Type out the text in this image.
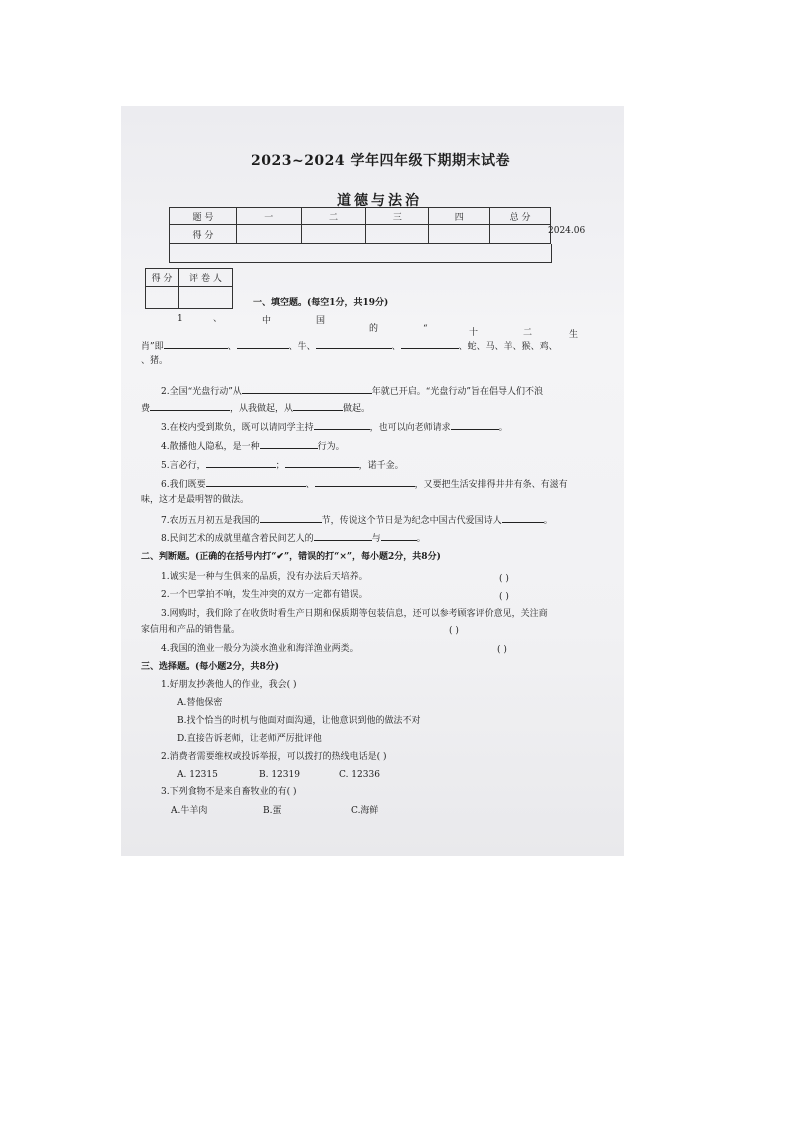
2023~2024 学年四年级下期期末试卷
道德与法治
2024.06
题 号	一	二	三	四	总 分
得 分					
得 分	评 卷 人

一、填空题。(每空1分，共19分)
1	、	中	国
的	“	十	二	生
肖”即	、	、牛、	、	、蛇、马、羊、猴、鸡、
、猪。
2.全国“光盘行动”从	年就已开启。“光盘行动”旨在倡导人们不浪
费	，从我做起，从	做起。
3.在校内受到欺负，既可以请同学主持	，也可以向老师请求	。
4.散播他人隐私，是一种	行为。
5.言必行，	；	，诺千金。
6.我们既要	、	，又要把生活安排得井井有条、有滋有
味，这才是最明智的做法。
7.农历五月初五是我国的	节，传说这个节日是为纪念中国古代爱国诗人	。
8.民间艺术的成就里蕴含着民间艺人的	与	。
二、判断题。(正确的在括号内打“✔”，错误的打“×”，每小题2分，共8分)
1.诚实是一种与生俱来的品质，没有办法后天培养。	( )
2.一个巴掌拍不响，发生冲突的双方一定都有错误。	( )
3.网购时，我们除了在收货时看生产日期和保质期等包装信息，还可以参考顾客评价意见，关注商
家信用和产品的销售量。	( )
4.我国的渔业一般分为淡水渔业和海洋渔业两类。	( )
三、选择题。(每小题2分，共8分)
1.好朋友抄袭他人的作业，我会( )
A.替他保密
B.找个恰当的时机与他面对面沟通，让他意识到他的做法不对
D.直接告诉老师，让老师严厉批评他
2.消费者需要维权或投诉举报，可以拨打的热线电话是( )
A. 12315	B. 12319	C. 12336
3.下列食物不是来自畜牧业的有( )
A.牛羊肉	B.蛋	C.海鲜
